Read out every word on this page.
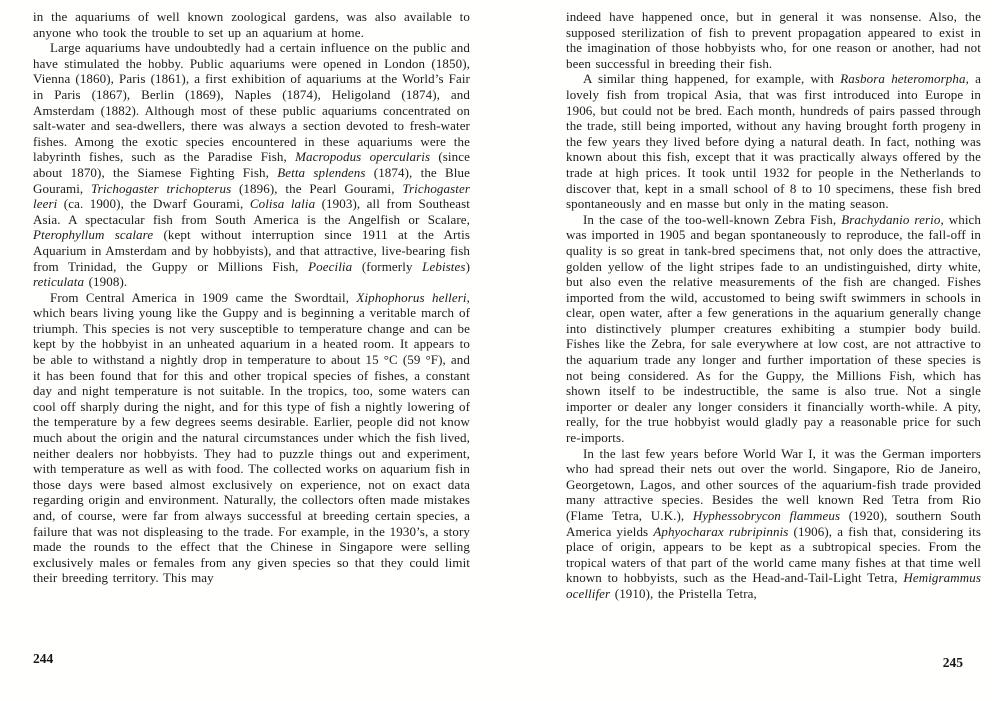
in the aquariums of well known zoological gardens, was also available to anyone who took the trouble to set up an aquarium at home.

Large aquariums have undoubtedly had a certain influence on the public and have stimulated the hobby. Public aquariums were opened in London (1850), Vienna (1860), Paris (1861), a first exhibition of aquariums at the World’s Fair in Paris (1867), Berlin (1869), Naples (1874), Heligoland (1874), and Amsterdam (1882). Although most of these public aquariums concentrated on salt-water and sea-dwellers, there was always a section devoted to fresh-water fishes. Among the exotic species encountered in these aquariums were the labyrinth fishes, such as the Paradise Fish, Macropodus opercularis (since about 1870), the Siamese Fighting Fish, Betta splendens (1874), the Blue Gourami, Trichogaster trichopterus (1896), the Pearl Gourami, Trichogaster leeri (ca. 1900), the Dwarf Gourami, Colisa lalia (1903), all from Southeast Asia. A spectacular fish from South America is the Angelfish or Scalare, Pterophyllum scalare (kept without interruption since 1911 at the Artis Aquarium in Amsterdam and by hobbyists), and that attractive, live-bearing fish from Trinidad, the Guppy or Millions Fish, Poecilia (formerly Lebistes) reticulata (1908).

From Central America in 1909 came the Swordtail, Xiphophorus helleri, which bears living young like the Guppy and is beginning a veritable march of triumph. This species is not very susceptible to temperature change and can be kept by the hobbyist in an unheated aquarium in a heated room. It appears to be able to withstand a nightly drop in temperature to about 15 °C (59 °F), and it has been found that for this and other tropical species of fishes, a constant day and night temperature is not suitable. In the tropics, too, some waters can cool off sharply during the night, and for this type of fish a nightly lowering of the temperature by a few degrees seems desirable. Earlier, people did not know much about the origin and the natural circumstances under which the fish lived, neither dealers nor hobbyists. They had to puzzle things out and experiment, with temperature as well as with food. The collected works on aquarium fish in those days were based almost exclusively on experience, not on exact data regarding origin and environment. Naturally, the collectors often made mistakes and, of course, were far from always successful at breeding certain species, a failure that was not displeasing to the trade. For example, in the 1930’s, a story made the rounds to the effect that the Chinese in Singapore were selling exclusively males or females from any given species so that they could limit their breeding territory. This may

244

indeed have happened once, but in general it was nonsense. Also, the supposed sterilization of fish to prevent propagation appeared to exist in the imagination of those hobbyists who, for one reason or another, had not been successful in breeding their fish.

A similar thing happened, for example, with Rasbora heteromorpha, a lovely fish from tropical Asia, that was first introduced into Europe in 1906, but could not be bred. Each month, hundreds of pairs passed through the trade, still being imported, without any having brought forth progeny in the few years they lived before dying a natural death. In fact, nothing was known about this fish, except that it was practically always offered by the trade at high prices. It took until 1932 for people in the Netherlands to discover that, kept in a small school of 8 to 10 specimens, these fish bred spontaneously and en masse but only in the mating season.

In the case of the too-well-known Zebra Fish, Brachydanio rerio, which was imported in 1905 and began spontaneously to reproduce, the fall-off in quality is so great in tank-bred specimens that, not only does the attractive, golden yellow of the light stripes fade to an undistinguished, dirty white, but also even the relative measurements of the fish are changed. Fishes imported from the wild, accustomed to being swift swimmers in schools in clear, open water, after a few generations in the aquarium generally change into distinctively plumper creatures exhibiting a stumpier body build. Fishes like the Zebra, for sale everywhere at low cost, are not attractive to the aquarium trade any longer and further importation of these species is not being considered. As for the Guppy, the Millions Fish, which has shown itself to be indestructible, the same is also true. Not a single importer or dealer any longer considers it financially worth-while. A pity, really, for the true hobbyist would gladly pay a reasonable price for such re-imports.

In the last few years before World War I, it was the German importers who had spread their nets out over the world. Singapore, Rio de Janeiro, Georgetown, Lagos, and other sources of the aquarium-fish trade provided many attractive species. Besides the well known Red Tetra from Rio (Flame Tetra, U.K.), Hyphessobrycon flammeus (1920), southern South America yields Aphyocharax rubripinnis (1906), a fish that, considering its place of origin, appears to be kept as a subtropical species. From the tropical waters of that part of the world came many fishes at that time well known to hobbyists, such as the Head-and-Tail-Light Tetra, Hemigrammus ocellifer (1910), the Pristella Tetra,

245
